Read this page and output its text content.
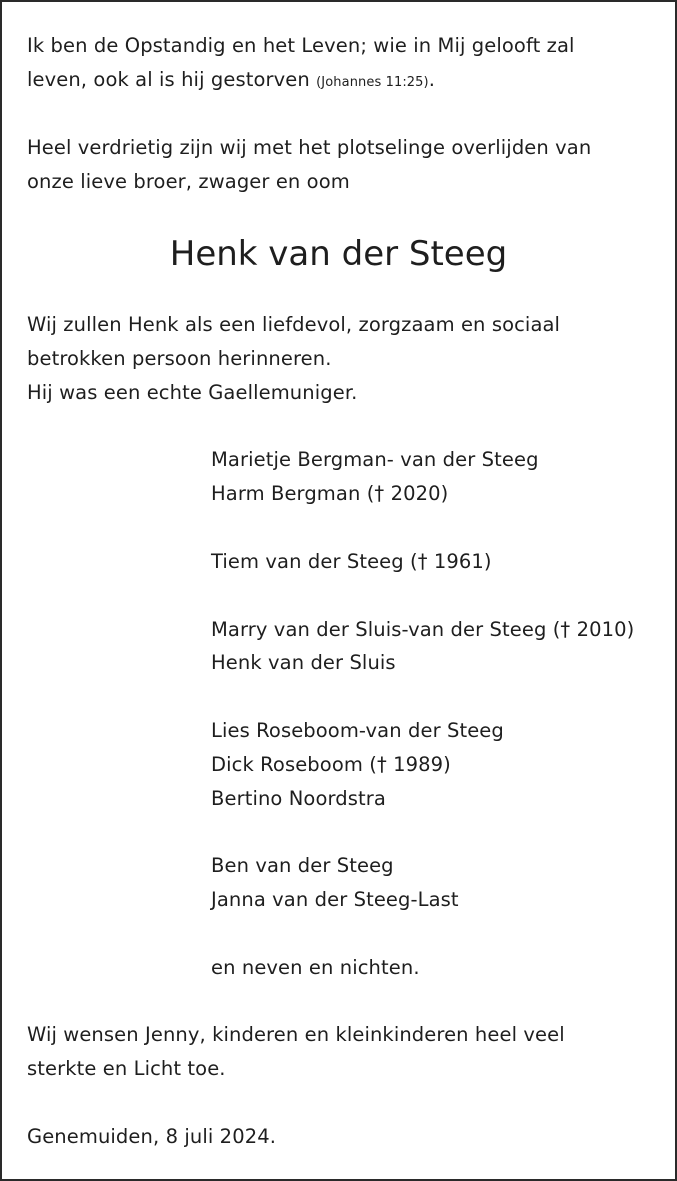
Ik ben de Opstandig en het Leven; wie in Mij gelooft zal
leven, ook al is hij gestorven (Johannes 11:25).
Heel verdrietig zijn wij met het plotselinge overlijden van
onze lieve broer, zwager en oom
Henk van der Steeg
Wij zullen Henk als een liefdevol, zorgzaam en sociaal
betrokken persoon herinneren.
Hij was een echte Gaellemuniger.
Marietje Bergman- van der Steeg
Harm Bergman († 2020)
Tiem van der Steeg († 1961)
Marry van der Sluis-van der Steeg († 2010)
Henk van der Sluis
Lies Roseboom-van der Steeg
Dick Roseboom († 1989)
Bertino Noordstra
Ben van der Steeg
Janna van der Steeg-Last
en neven en nichten.
Wij wensen Jenny, kinderen en kleinkinderen heel veel
sterkte en Licht toe.
Genemuiden, 8 juli 2024.
